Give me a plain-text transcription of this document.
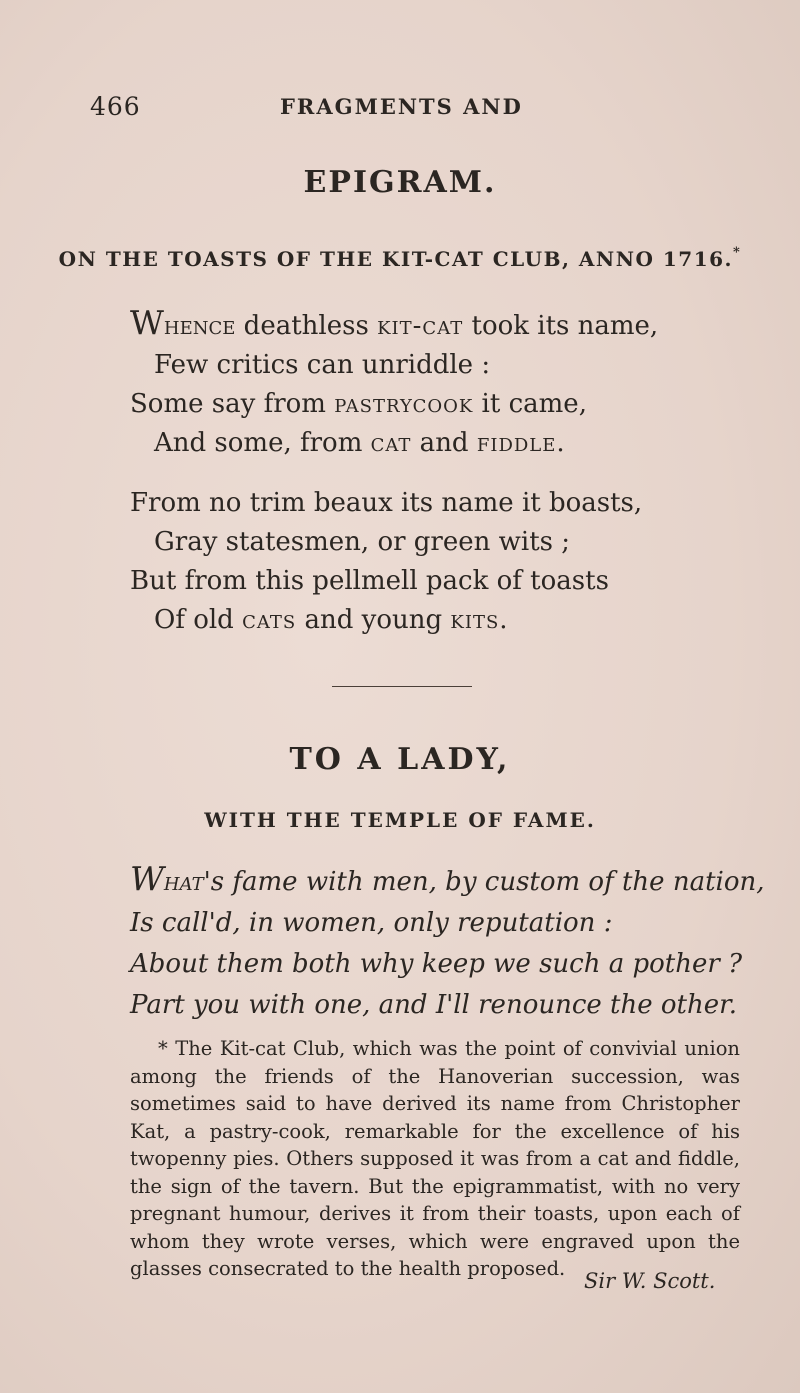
466	FRAGMENTS AND
EPIGRAM.
ON THE TOASTS OF THE KIT-CAT CLUB, ANNO 1716.*
Whence deathless kit-cat took its name,
Few critics can unriddle :
Some say from pastrycook it came,
And some, from cat and fiddle.
From no trim beaux its name it boasts,
Gray statesmen, or green wits ;
But from this pellmell pack of toasts
Of old cats and young kits.
TO A LADY,
WITH THE TEMPLE OF FAME.
What's fame with men, by custom of the nation,
Is call'd, in women, only reputation :
About them both why keep we such a pother ?
Part you with one, and I'll renounce the other.

* The Kit-cat Club, which was the point of convivial union among the friends of the Hanoverian succession, was sometimes said to have derived its name from Christopher Kat, a pastry-cook, remarkable for the excellence of his twopenny pies. Others supposed it was from a cat and fiddle, the sign of the tavern. But the epigrammatist, with no very pregnant humour, derives it from their toasts, upon each of whom they wrote verses, which were engraved upon the glasses consecrated to the health proposed.

Sir W. Scott.
